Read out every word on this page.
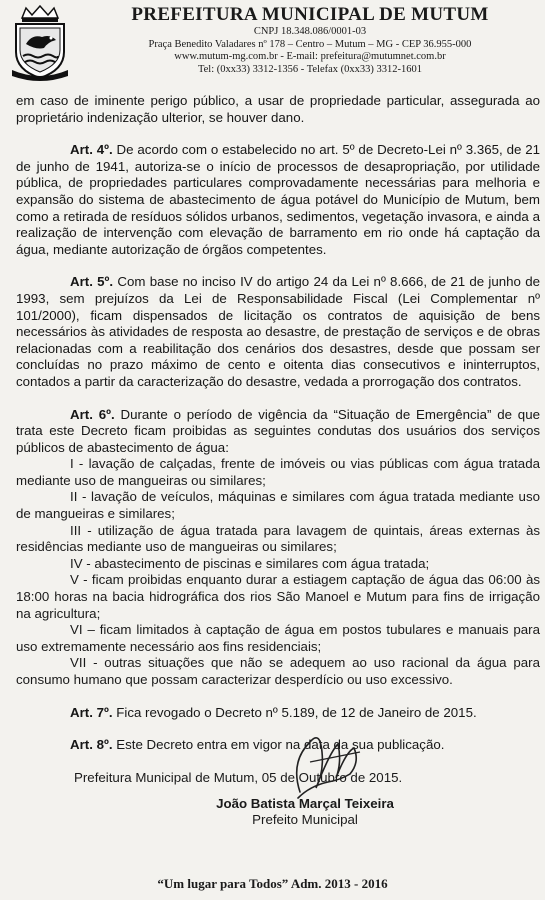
PREFEITURA MUNICIPAL DE MUTUM

CNPJ 18.348.086/0001-03

Praça Benedito Valadares nº 178 – Centro – Mutum – MG - CEP 36.955-000

www.mutum-mg.com.br - E-mail: prefeitura@mutumnet.com.br

Tel: (0xx33) 3312-1356 - Telefax (0xx33) 3312-1601

em caso de iminente perigo público, a usar de propriedade particular, assegurada ao proprietário indenização ulterior, se houver dano.

Art. 4º. De acordo com o estabelecido no art. 5º de Decreto-Lei nº 3.365, de 21 de junho de 1941, autoriza-se o início de processos de desapropriação, por utilidade pública, de propriedades particulares comprovadamente necessárias para melhoria e expansão do sistema de abastecimento de água potável do Município de Mutum, bem como a retirada de resíduos sólidos urbanos, sedimentos, vegetação invasora, e ainda a realização de intervenção com elevação de barramento em rio onde há captação da água, mediante autorização de órgãos competentes.

Art. 5º. Com base no inciso IV do artigo 24 da Lei nº 8.666, de 21 de junho de 1993, sem prejuízos da Lei de Responsabilidade Fiscal (Lei Complementar nº 101/2000), ficam dispensados de licitação os contratos de aquisição de bens necessários às atividades de resposta ao desastre, de prestação de serviços e de obras relacionadas com a reabilitação dos cenários dos desastres, desde que possam ser concluídas no prazo máximo de cento e oitenta dias consecutivos e ininterruptos, contados a partir da caracterização do desastre, vedada a prorrogação dos contratos.

Art. 6º. Durante o período de vigência da “Situação de Emergência” de que trata este Decreto ficam proibidas as seguintes condutas dos usuários dos serviços públicos de abastecimento de água:

I - lavação de calçadas, frente de imóveis ou vias públicas com água tratada mediante uso de mangueiras ou similares;

II - lavação de veículos, máquinas e similares com água tratada mediante uso de mangueiras e similares;

III - utilização de água tratada para lavagem de quintais, áreas externas às residências mediante uso de mangueiras ou similares;

IV - abastecimento de piscinas e similares com água tratada;

V - ficam proibidas enquanto durar a estiagem captação de água das 06:00 às 18:00 horas na bacia hidrográfica dos rios São Manoel e Mutum para fins de irrigação na agricultura;

VI – ficam limitados à captação de água em postos tubulares e manuais para uso extremamente necessário aos fins residenciais;

VII - outras situações que não se adequem ao uso racional da água para consumo humano que possam caracterizar desperdício ou uso excessivo.

Art. 7º. Fica revogado o Decreto nº 5.189, de 12 de Janeiro de 2015.

Art. 8º. Este Decreto entra em vigor na data da sua publicação.

Prefeitura Municipal de Mutum, 05 de Outubro de 2015.

João Batista Marçal Teixeira

Prefeito Municipal

“Um lugar para Todos” Adm. 2013 - 2016
